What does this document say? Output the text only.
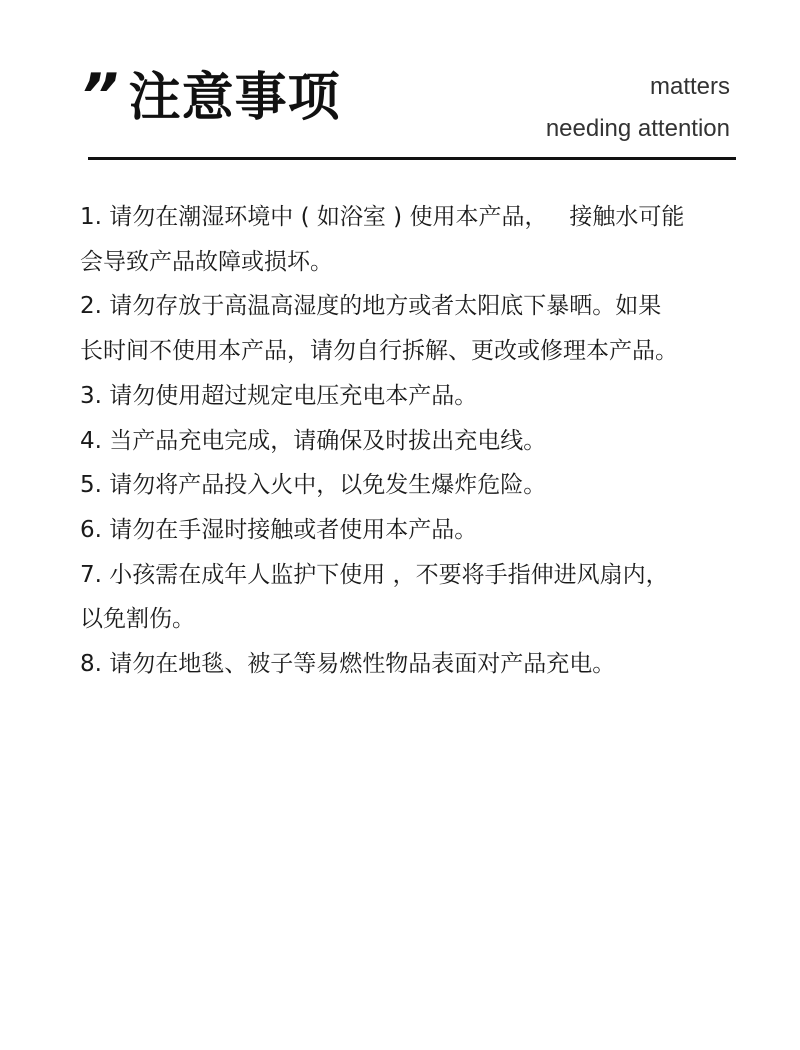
” 注意事项	matters
needing attention
1. 请勿在潮湿环境中 ( 如浴室 ) 使用本产品，   接触水可能
会导致产品故障或损坏。
2. 请勿存放于高温高湿度的地方或者太阳底下暴晒。如果
长时间不使用本产品，请勿自行拆解、更改或修理本产品。
3. 请勿使用超过规定电压充电本产品。
4. 当产品充电完成，请确保及时拔出充电线。
5. 请勿将产品投入火中，以免发生爆炸危险。
6. 请勿在手湿时接触或者使用本产品。
7. 小孩需在成年人监护下使用 ，不要将手指伸进风扇内，
以免割伤。
8. 请勿在地毯、被子等易燃性物品表面对产品充电。
